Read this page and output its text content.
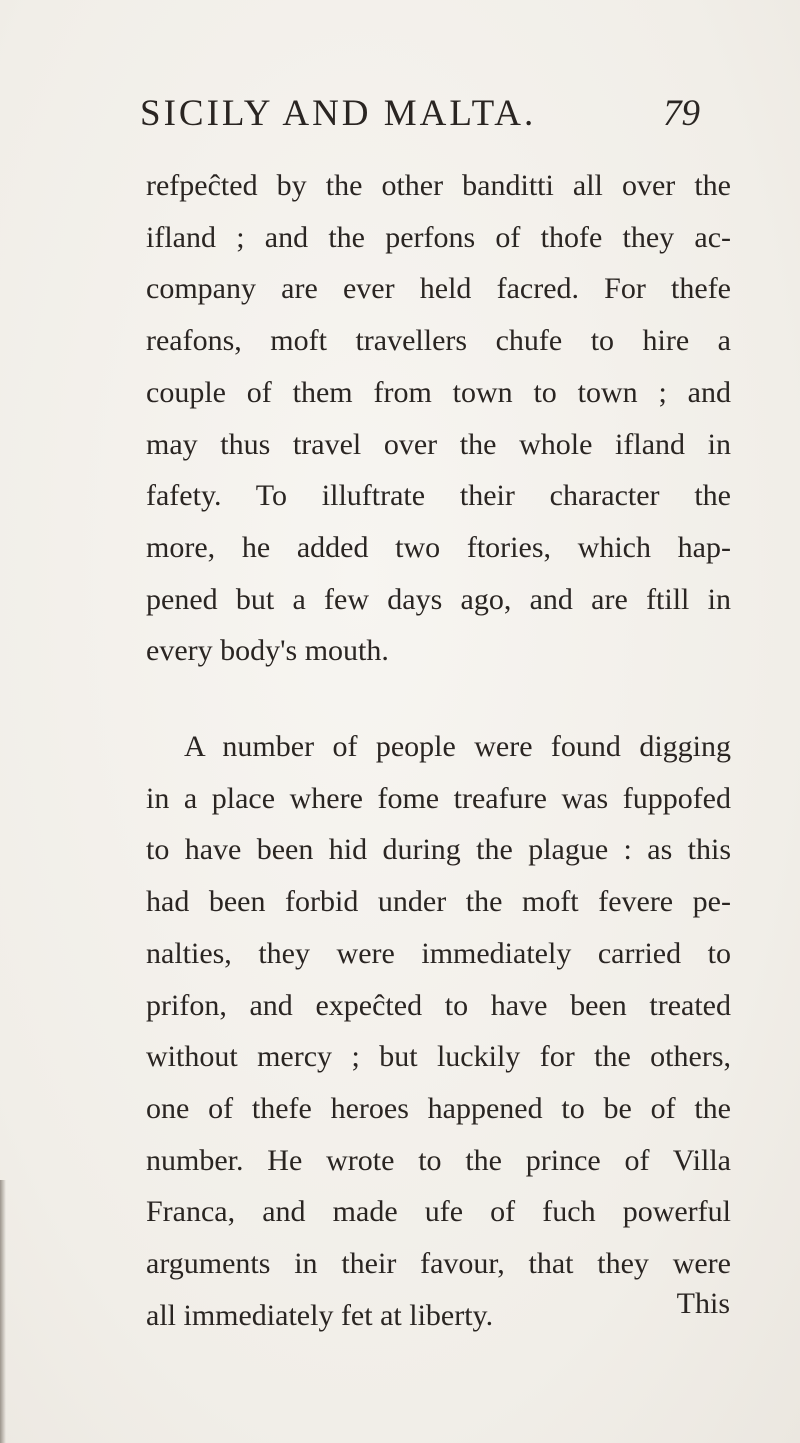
SICILY AND MALTA.	79
refpeĉted by the other banditti all over the
ifland ; and the perfons of thofe they ac-
company are ever held facred. For thefe
reafons, moft travellers chufe to hire a
couple of them from town to town ; and
may thus travel over the whole ifland in
fafety. To illuftrate their character the
more, he added two ftories, which hap-
pened but a few days ago, and are ftill in
every body's mouth.
A number of people were found digging
in a place where fome treafure was fuppofed
to have been hid during the plague : as this
had been forbid under the moft fevere pe-
nalties, they were immediately carried to
prifon, and expeĉted to have been treated
without mercy ; but luckily for the others,
one of thefe heroes happened to be of the
number. He wrote to the prince of Villa
Franca, and made ufe of fuch powerful
arguments in their favour, that they were
all immediately fet at liberty.	This
